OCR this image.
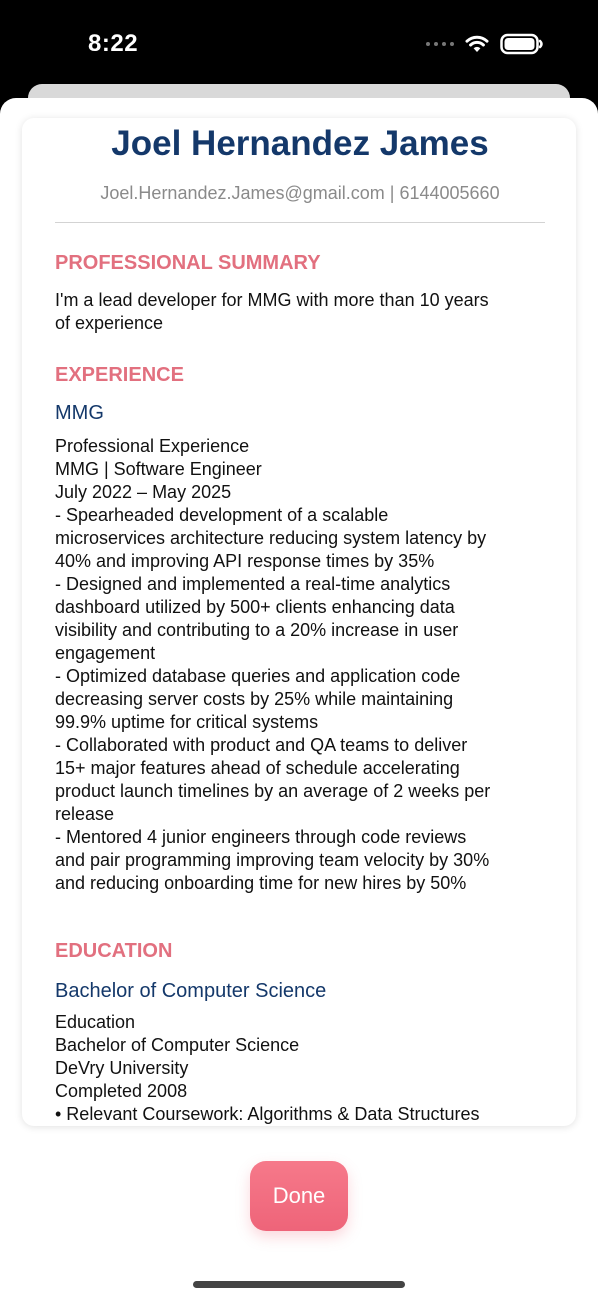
8:22
Joel Hernandez James
Joel.Hernandez.James@gmail.com | 6144005660
PROFESSIONAL SUMMARY
I'm a lead developer for MMG with more than 10 years
of experience
EXPERIENCE
MMG
Professional Experience
MMG | Software Engineer
July 2022 – May 2025
- Spearheaded development of a scalable
microservices architecture reducing system latency by
40% and improving API response times by 35%
- Designed and implemented a real-time analytics
dashboard utilized by 500+ clients enhancing data
visibility and contributing to a 20% increase in user
engagement
- Optimized database queries and application code
decreasing server costs by 25% while maintaining
99.9% uptime for critical systems
- Collaborated with product and QA teams to deliver
15+ major features ahead of schedule accelerating
product launch timelines by an average of 2 weeks per
release
- Mentored 4 junior engineers through code reviews
and pair programming improving team velocity by 30%
and reducing onboarding time for new hires by 50%
EDUCATION
Bachelor of Computer Science
Education
Bachelor of Computer Science
DeVry University
Completed 2008
• Relevant Coursework: Algorithms & Data Structures
Done
